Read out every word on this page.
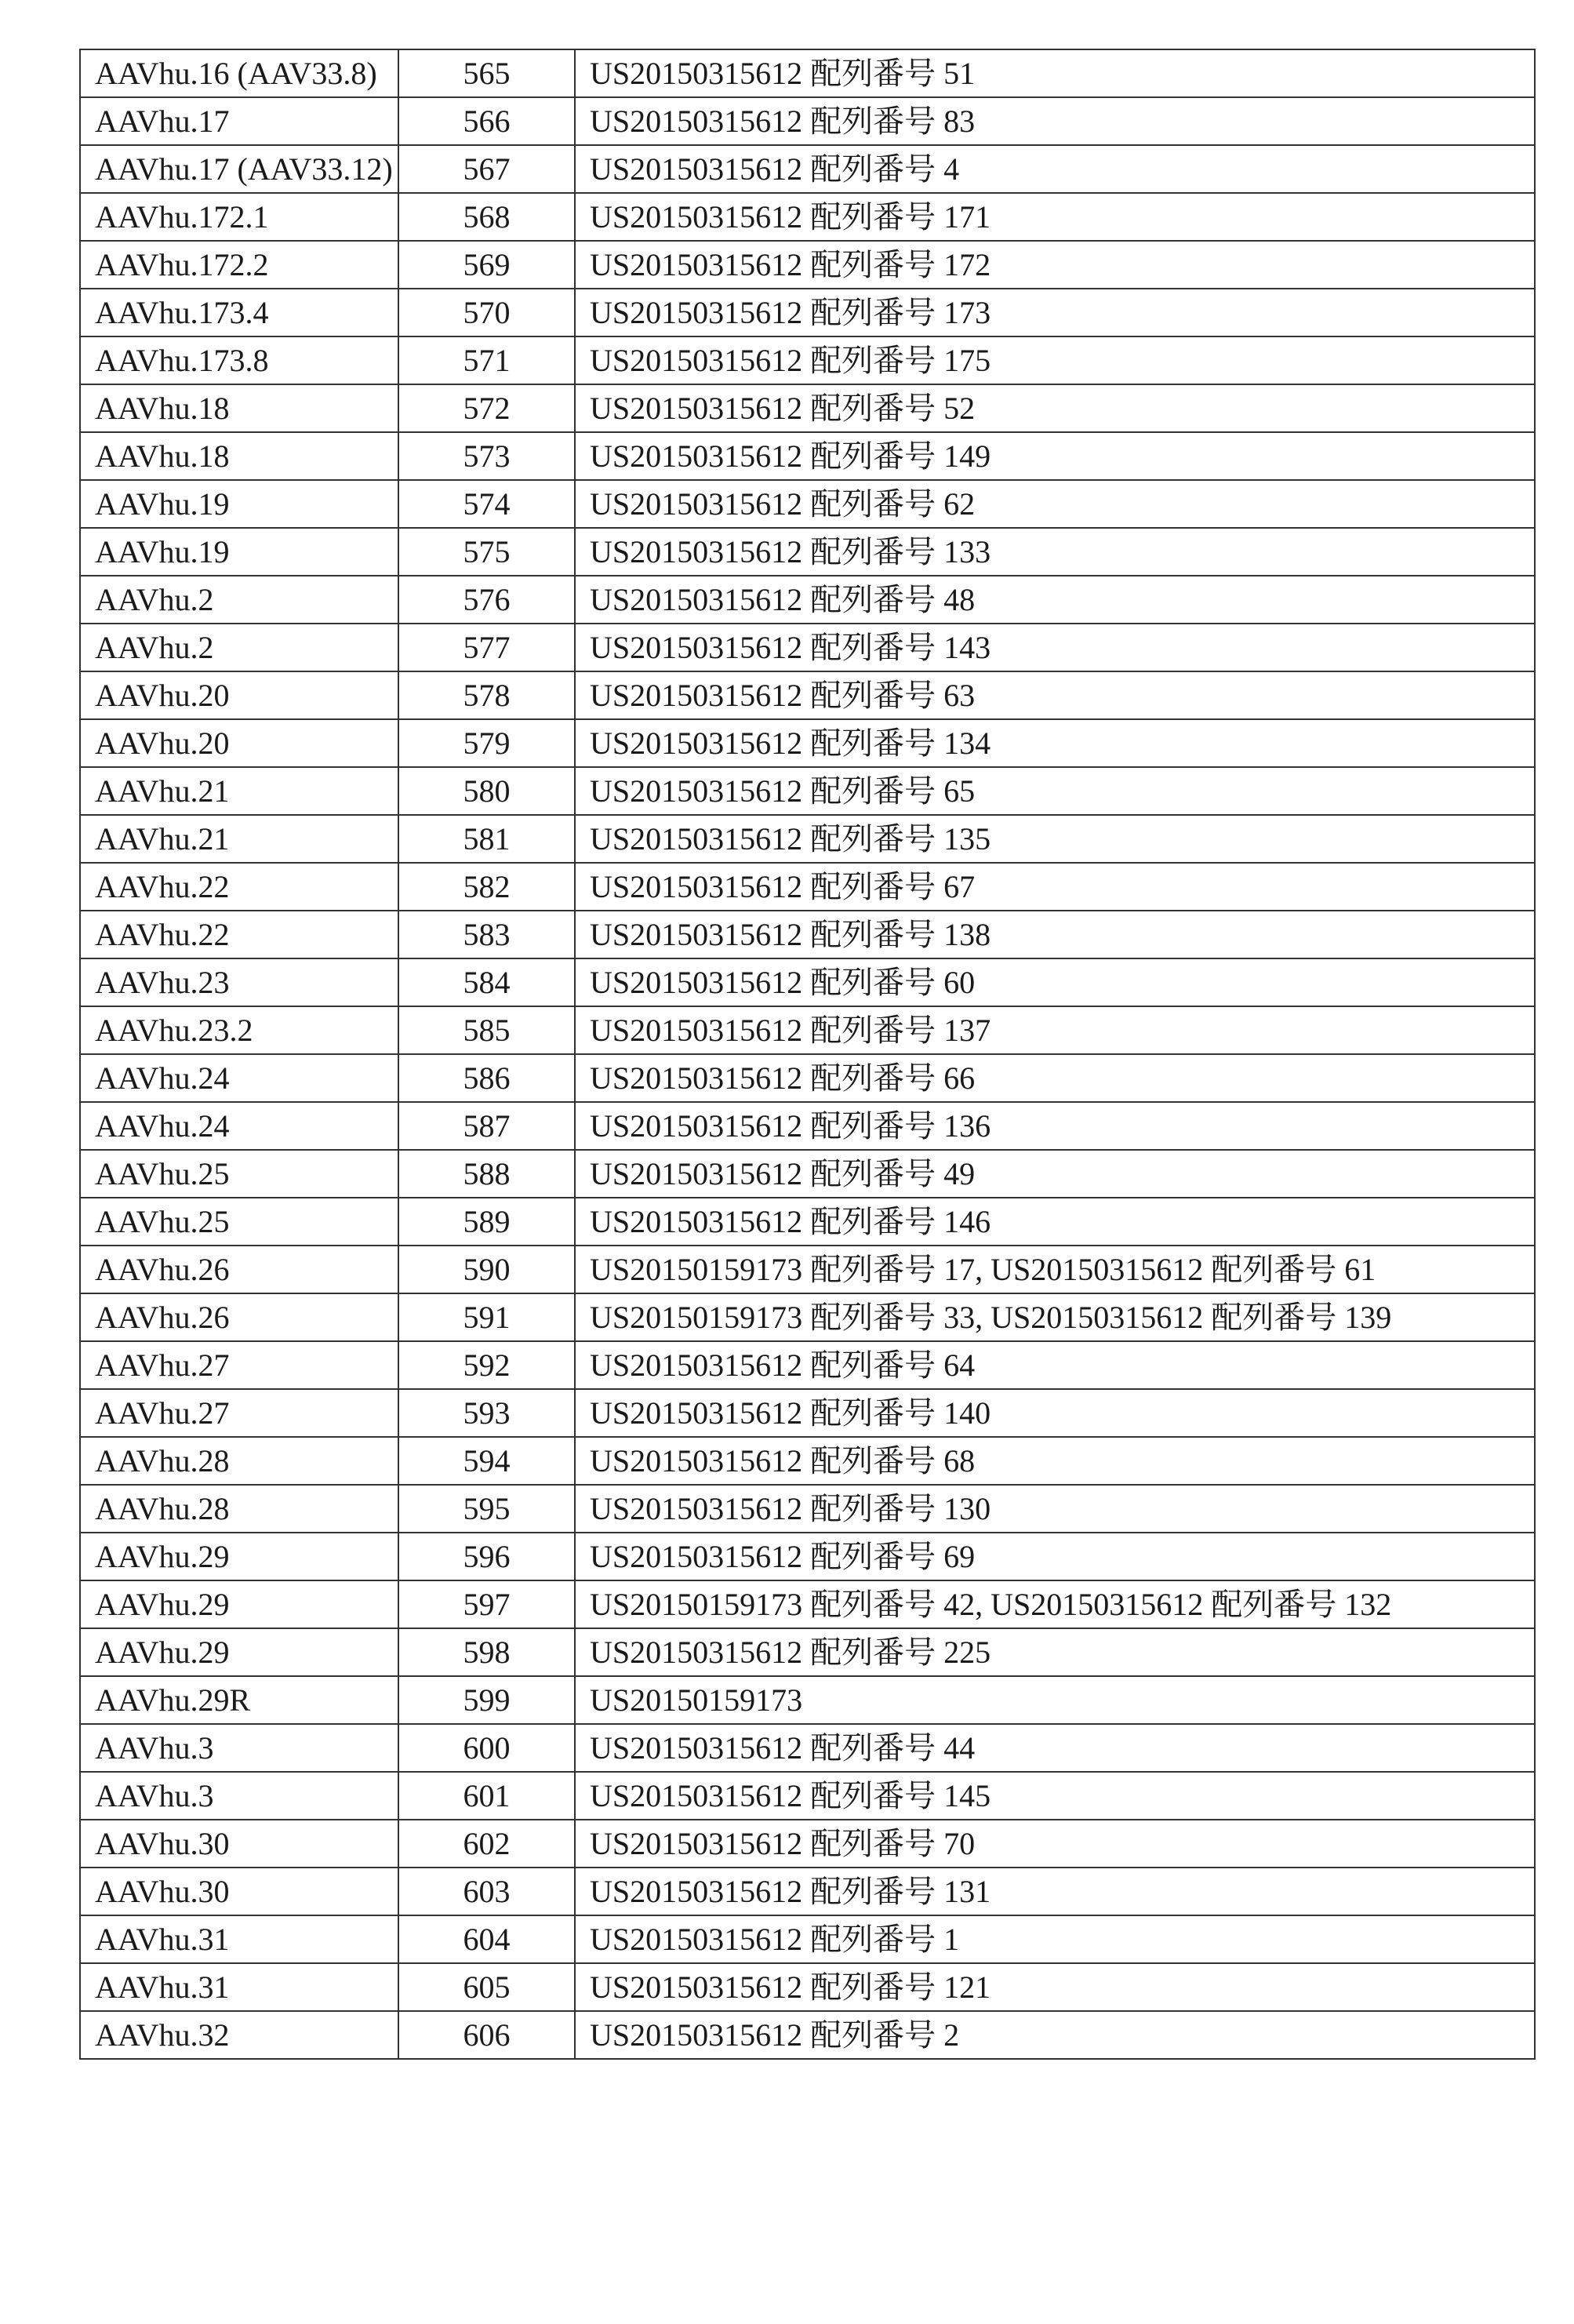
AAVhu.16 (AAV33.8)	565	US20150315612 配列番号 51
AAVhu.17	566	US20150315612 配列番号 83
AAVhu.17 (AAV33.12)	567	US20150315612 配列番号 4
AAVhu.172.1	568	US20150315612 配列番号 171
AAVhu.172.2	569	US20150315612 配列番号 172
AAVhu.173.4	570	US20150315612 配列番号 173
AAVhu.173.8	571	US20150315612 配列番号 175
AAVhu.18	572	US20150315612 配列番号 52
AAVhu.18	573	US20150315612 配列番号 149
AAVhu.19	574	US20150315612 配列番号 62
AAVhu.19	575	US20150315612 配列番号 133
AAVhu.2	576	US20150315612 配列番号 48
AAVhu.2	577	US20150315612 配列番号 143
AAVhu.20	578	US20150315612 配列番号 63
AAVhu.20	579	US20150315612 配列番号 134
AAVhu.21	580	US20150315612 配列番号 65
AAVhu.21	581	US20150315612 配列番号 135
AAVhu.22	582	US20150315612 配列番号 67
AAVhu.22	583	US20150315612 配列番号 138
AAVhu.23	584	US20150315612 配列番号 60
AAVhu.23.2	585	US20150315612 配列番号 137
AAVhu.24	586	US20150315612 配列番号 66
AAVhu.24	587	US20150315612 配列番号 136
AAVhu.25	588	US20150315612 配列番号 49
AAVhu.25	589	US20150315612 配列番号 146
AAVhu.26	590	US20150159173 配列番号 17, US20150315612 配列番号 61
AAVhu.26	591	US20150159173 配列番号 33, US20150315612 配列番号 139
AAVhu.27	592	US20150315612 配列番号 64
AAVhu.27	593	US20150315612 配列番号 140
AAVhu.28	594	US20150315612 配列番号 68
AAVhu.28	595	US20150315612 配列番号 130
AAVhu.29	596	US20150315612 配列番号 69
AAVhu.29	597	US20150159173 配列番号 42, US20150315612 配列番号 132
AAVhu.29	598	US20150315612 配列番号 225
AAVhu.29R	599	US20150159173
AAVhu.3	600	US20150315612 配列番号 44
AAVhu.3	601	US20150315612 配列番号 145
AAVhu.30	602	US20150315612 配列番号 70
AAVhu.30	603	US20150315612 配列番号 131
AAVhu.31	604	US20150315612 配列番号 1
AAVhu.31	605	US20150315612 配列番号 121
AAVhu.32	606	US20150315612 配列番号 2
